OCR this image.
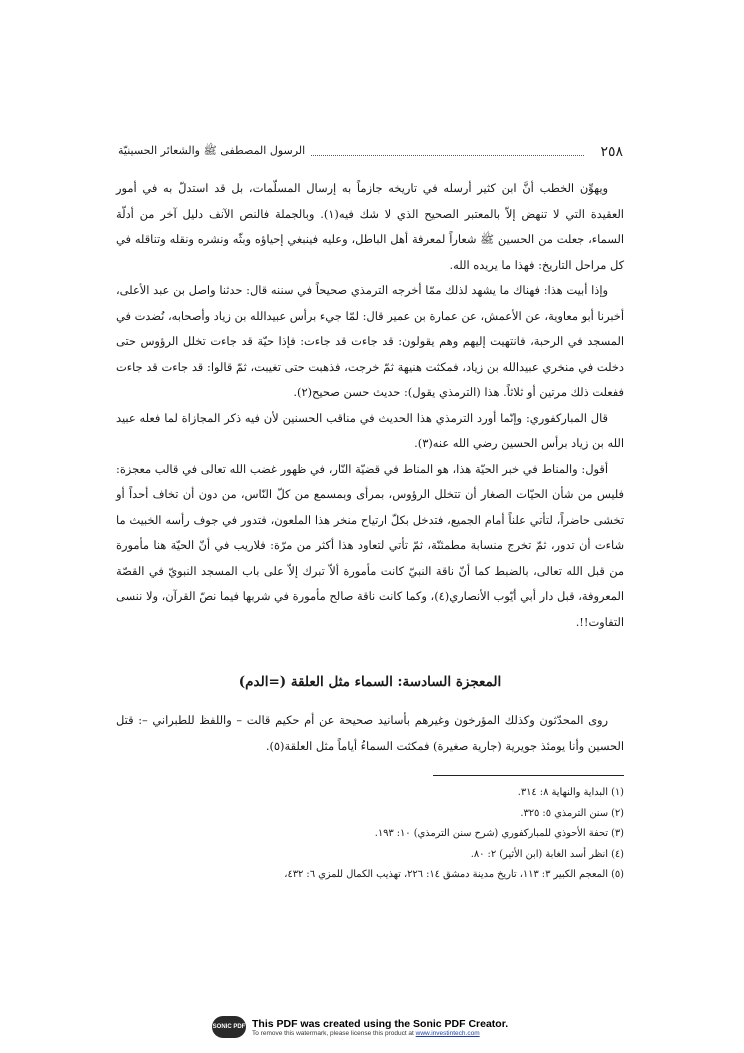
٢٥٨
الرسول المصطفى ﷺ والشعائر الحسينيّة

ويهوِّن الخطب أنَّ ابن كثير أرسله في تاريخه جازماً به إرسال المسلّمات، بل قد استدلّ به في أمور العقيدة التي لا تنهض إلاّ بالمعتبر الصحيح الذي لا شك فيه(١). وبالجملة فالنص الآنف دليل آخر من أدلّة السماء، جعلت من الحسين ﷺ شعاراً لمعرفة أهل الباطل، وعليه فينبغي إحياؤه وبثّه ونشره ونقله وتناقله في كل مراحل التاريخ: فهذا ما يريده الله.

وإذا أبيت هذا: فهناك ما يشهد لذلك ممّا أخرجه الترمذي صحيحاً في سننه قال: حدثنا واصل بن عبد الأعلى، أخبرنا أبو معاوية، عن الأعمش، عن عمارة بن عمير قال: لمّا جيء برأس عبيدالله بن زياد وأصحابه، نُضدت في المسجد في الرحبة، فانتهيت إليهم وهم يقولون: قد جاءت قد جاءت: فإذا حيّة قد جاءت تخلل الرؤوس حتى دخلت في منخري عبيدالله بن زياد، فمكثت هنيهة ثمّ خرجت، فذهبت حتى تغيبت، ثمّ قالوا: قد جاءت قد جاءت ففعلت ذلك مرتين أو ثلاثاً. هذا (الترمذي يقول): حديث حسن صحيح(٢).

قال المباركفوري: وإنّما أورد الترمذي هذا الحديث في مناقب الحسنين لأن فيه ذكر المجازاة لما فعله عبيد الله بن زياد برأس الحسين رضي الله عنه(٣).

أقول: والمناط في خبر الحيّة هذا، هو المناط في قضيّة النّار، في ظهور غضب الله تعالى في قالب معجزة: فليس من شأن الحيّات الصغار أن تتخلل الرؤوس، بمرأى وبمسمع من كلّ النّاس، من دون أن تخاف أحداً أو تخشى حاضراً، لتأتي علناً أمام الجميع، فتدخل بكلّ ارتياح منخر هذا الملعون، فتدور في جوف رأسه الخبيث ما شاءت أن تدور، ثمّ تخرج منسابة مطمئنّة، ثمّ تأتي لتعاود هذا أكثر من مرّة: فلاريب في أنّ الحيّة هنا مأمورة من قبل الله تعالى، بالضبط كما أنّ ناقة النبيّ كانت مأمورة ألاّ تبرك إلاّ على باب المسجد النبويّ في القصّة المعروفة، قبل دار أبي أيّوب الأنصاري(٤)، وكما كانت ناقة صالح مأمورة في شربها فيما نصّ القرآن، ولا ننسى التفاوت!!.

المعجزة السادسة: السماء مثل العلقة (=الدم)

روى المحدّثون وكذلك المؤرخون وغيرهم بأسانيد صحيحة عن أم حكيم قالت – واللفظ للطبراني –: قتل الحسين وأنا يومئذ جويرية (جارية صغيرة) فمكثت السماءُ أياماً مثل العلقة(٥).

(١) البداية والنهاية ٨: ٣١٤.
(٢) سنن الترمذي ٥: ٣٢٥.
(٣) تحفة الأحوذي للمباركفوري (شرح سنن الترمذي) ١٠: ١٩٣.
(٤) انظر أسد الغابة (ابن الأثير) ٢: ٨٠.
(٥) المعجم الكبير ٣: ١١٣، تاريخ مدينة دمشق ١٤: ٢٢٦، تهذيب الكمال للمزي ٦: ٤٣٢،
SONIC PDF This PDF was created using the Sonic PDF Creator.
To remove this watermark, please license this product at www.investintech.com
